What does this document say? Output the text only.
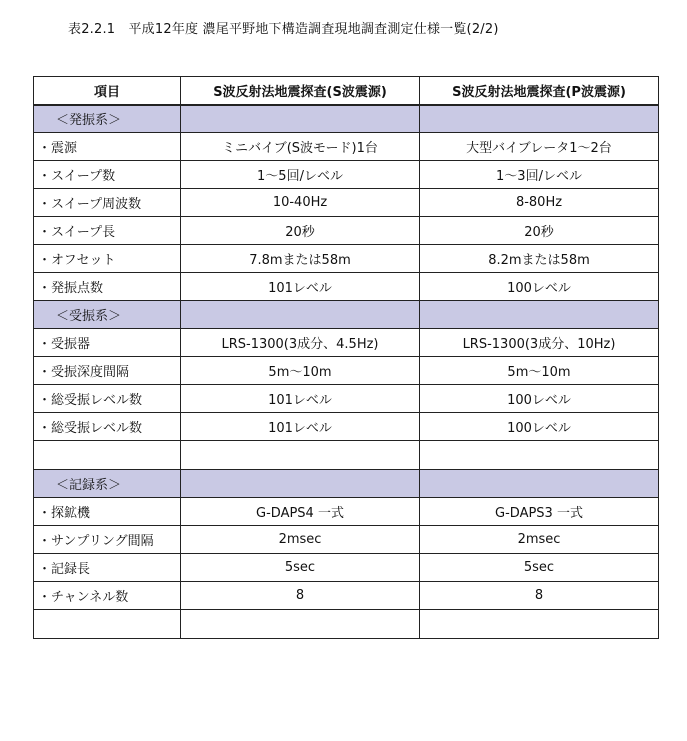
表2.2.1　平成12年度 濃尾平野地下構造調査現地調査測定仕様一覧(2/2)
項目	S波反射法地震探査(S波震源)	S波反射法地震探査(P波震源)
＜発振系＞		
・震源	ミニバイブ(S波モード)1台	大型バイブレータ1～2台
・スイープ数	1～5回/レベル	1～3回/レベル
・スイープ周波数	10-40Hz	8-80Hz
・スイープ長	20秒	20秒
・オフセット	7.8mまたは58m	8.2mまたは58m
・発振点数	101レベル	100レベル
＜受振系＞		
・受振器	LRS-1300(3成分、4.5Hz)	LRS-1300(3成分、10Hz)
・受振深度間隔	5m～10m	5m～10m
・総受振レベル数	101レベル	100レベル
・総受振レベル数	101レベル	100レベル

＜記録系＞		
・探鉱機	G-DAPS4 一式	G-DAPS3 一式
・サンプリング間隔	2msec	2msec
・記録長	5sec	5sec
・チャンネル数	8	8
